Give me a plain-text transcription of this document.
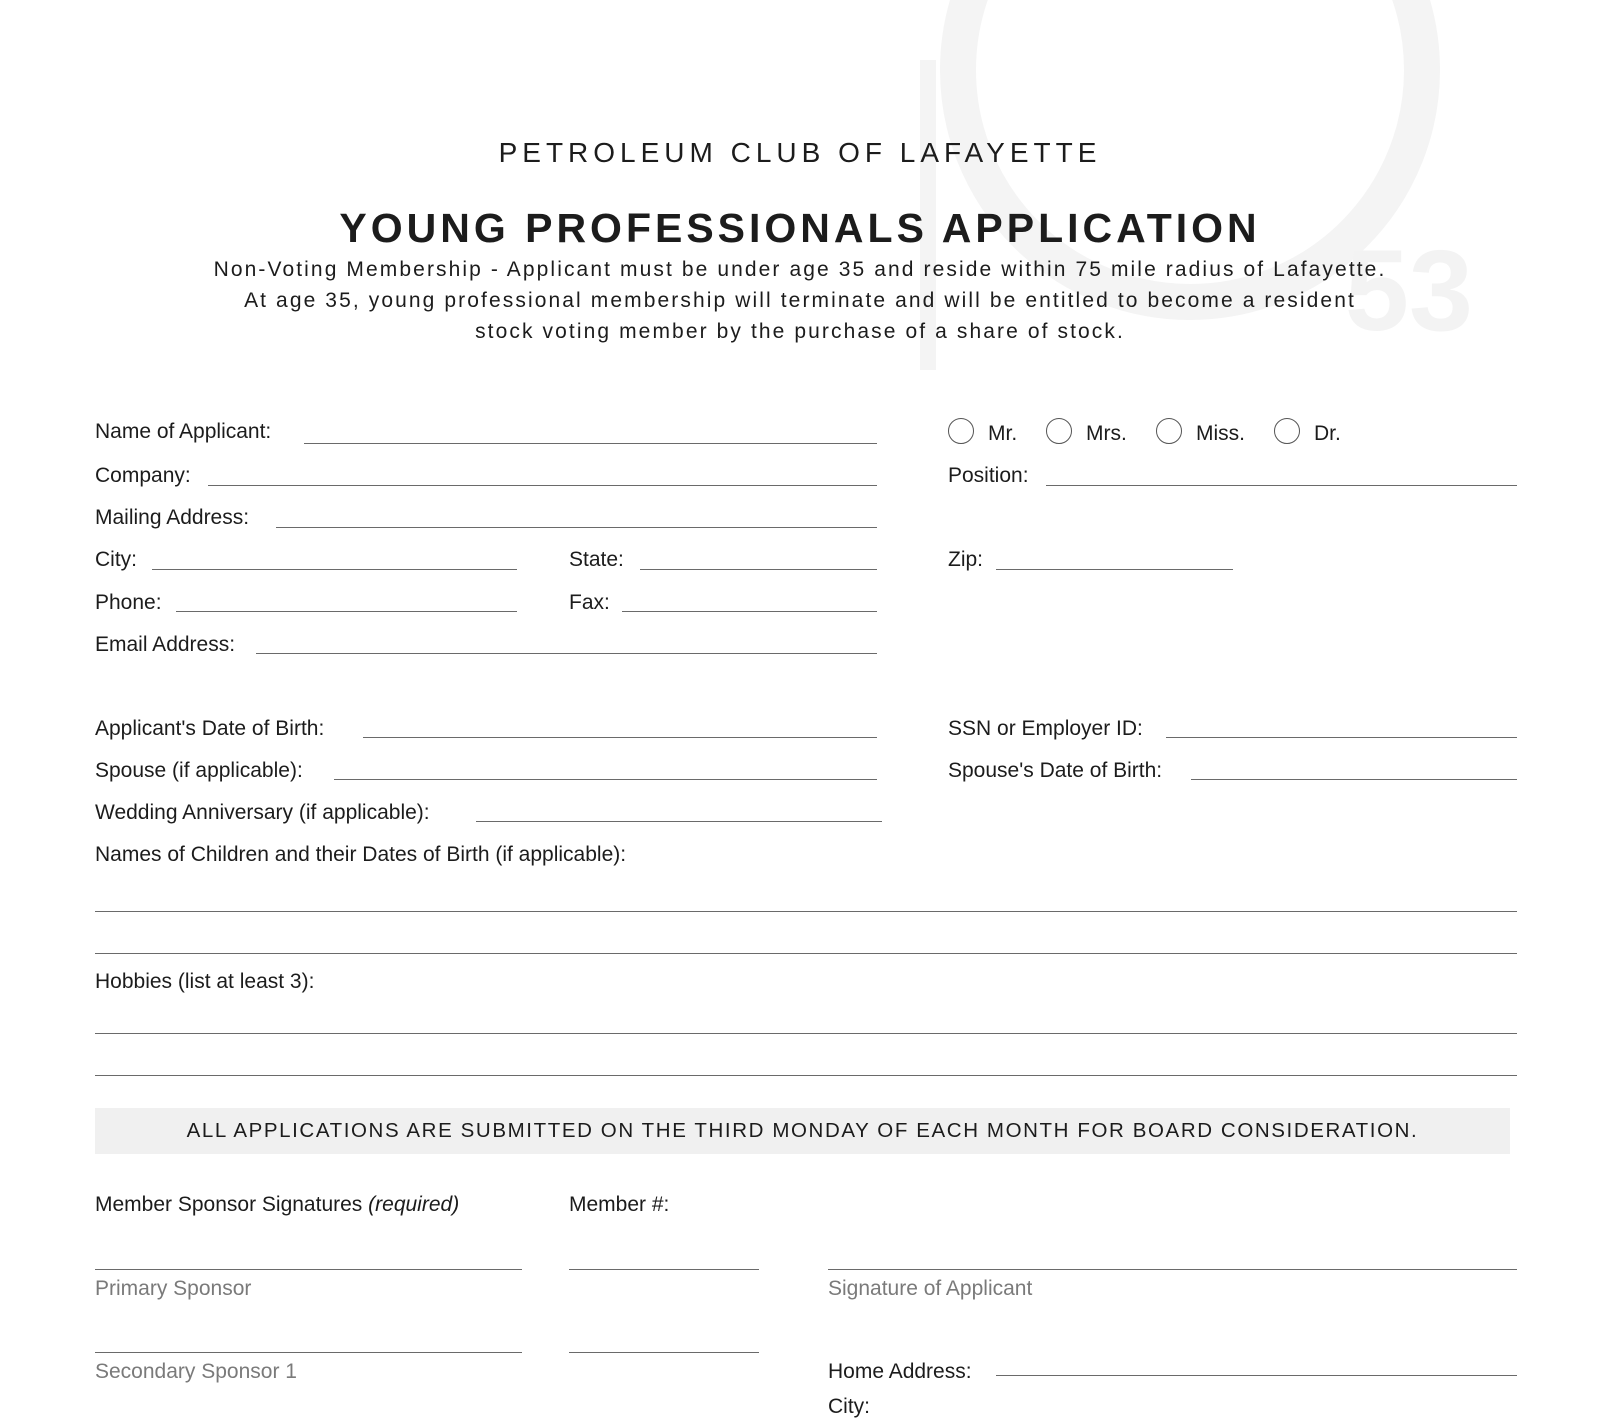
53
PETROLEUM CLUB OF LAFAYETTE
YOUNG PROFESSIONALS APPLICATION
Non-Voting Membership - Applicant must be under age 35 and reside within 75 mile radius of Lafayette.
At age 35, young professional membership will terminate and will be entitled to become a resident
stock voting member by the purchase of a share of stock.
Name of Applicant:	Mr.	Mrs.	Miss.	Dr.
Company:	Position:
Mailing Address:
City:	State:	Zip:
Phone:	Fax:
Email Address:
Applicant's Date of Birth:	SSN or Employer ID:
Spouse (if applicable):	Spouse's Date of Birth:
Wedding Anniversary (if applicable):
Names of Children and their Dates of Birth (if applicable):
Hobbies (list at least 3):
ALL APPLICATIONS ARE SUBMITTED ON THE THIRD MONDAY OF EACH MONTH FOR BOARD CONSIDERATION.
Member Sponsor Signatures (required)	Member #:
Primary Sponsor	Signature of Applicant
Secondary Sponsor 1	Home Address:
City:
